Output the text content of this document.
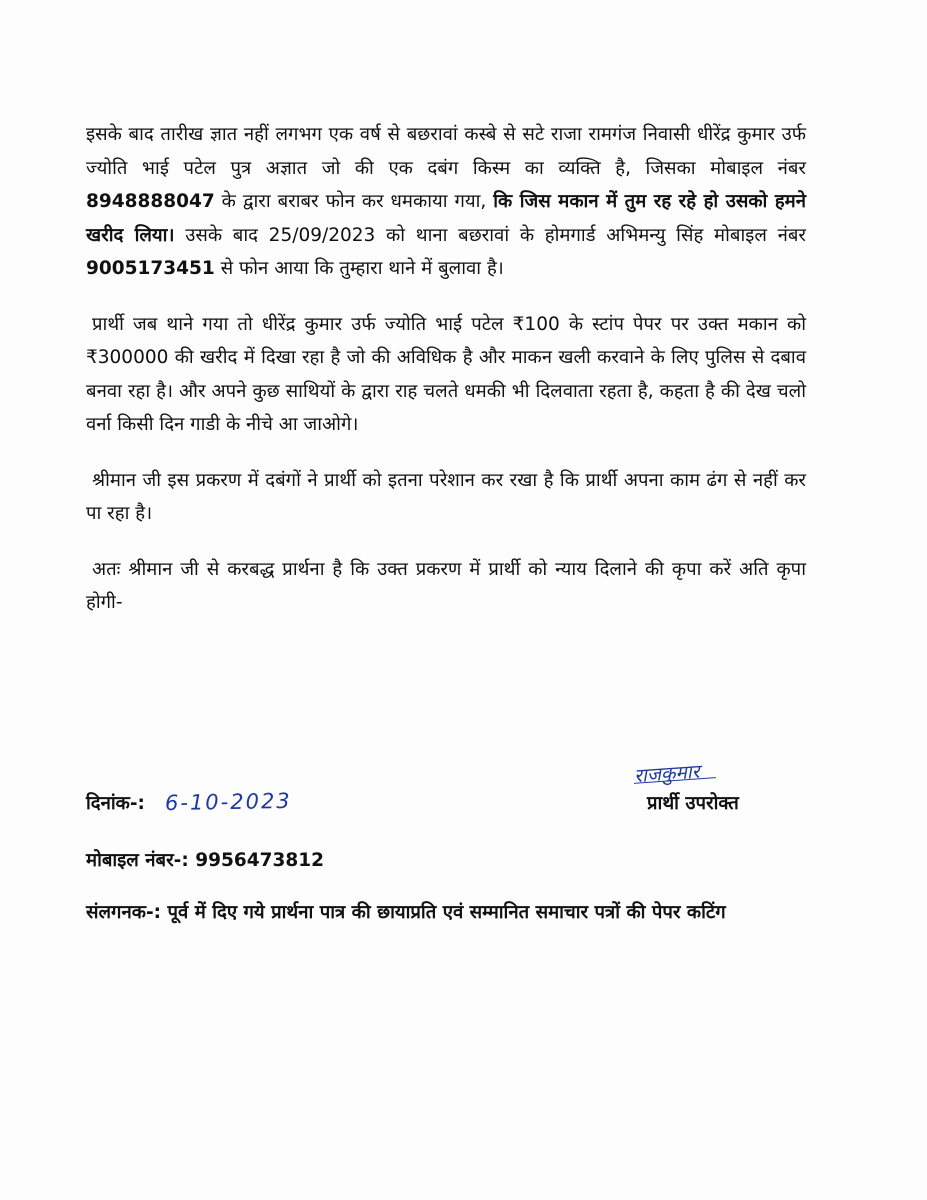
इसके बाद तारीख ज्ञात नहीं लगभग एक वर्ष से बछरावां कस्बे से सटे राजा रामगंज निवासी धीरेंद्र कुमार उर्फ ज्योति भाई पटेल पुत्र अज्ञात जो की एक दबंग किस्म का व्यक्ति है, जिसका मोबाइल नंबर 8948888047 के द्वारा बराबर फोन कर धमकाया गया, कि जिस मकान में तुम रह रहे हो उसको हमने खरीद लिया। उसके बाद 25/09/2023 को थाना बछरावां के होमगार्ड अभिमन्यु सिंह मोबाइल नंबर 9005173451 से फोन आया कि तुम्हारा थाने में बुलावा है।

प्रार्थी जब थाने गया तो धीरेंद्र कुमार उर्फ ज्योति भाई पटेल ₹100 के स्टांप पेपर पर उक्त मकान को ₹300000 की खरीद में दिखा रहा है जो की अविधिक है और माकन खली करवाने के लिए पुलिस से दबाव बनवा रहा है। और अपने कुछ साथियों के द्वारा राह चलते धमकी भी दिलवाता रहता है, कहता है की देख चलो वर्ना किसी दिन गाडी के नीचे आ जाओगे।

श्रीमान जी इस प्रकरण में दबंगों ने प्रार्थी को इतना परेशान कर रखा है कि प्रार्थी अपना काम ढंग से नहीं कर पा रहा है।

अतः श्रीमान जी से करबद्ध प्रार्थना है कि उक्त प्रकरण में प्रार्थी को न्याय दिलाने की कृपा करें अति कृपा होगी-

दिनांक-: 6-10-2023
राजकुमार
प्रार्थी उपरोक्त
मोबाइल नंबर-: 9956473812
संलगनक-: पूर्व में दिए गये प्रार्थना पात्र की छायाप्रति एवं सम्मानित समाचार पत्रों की पेपर कटिंग
